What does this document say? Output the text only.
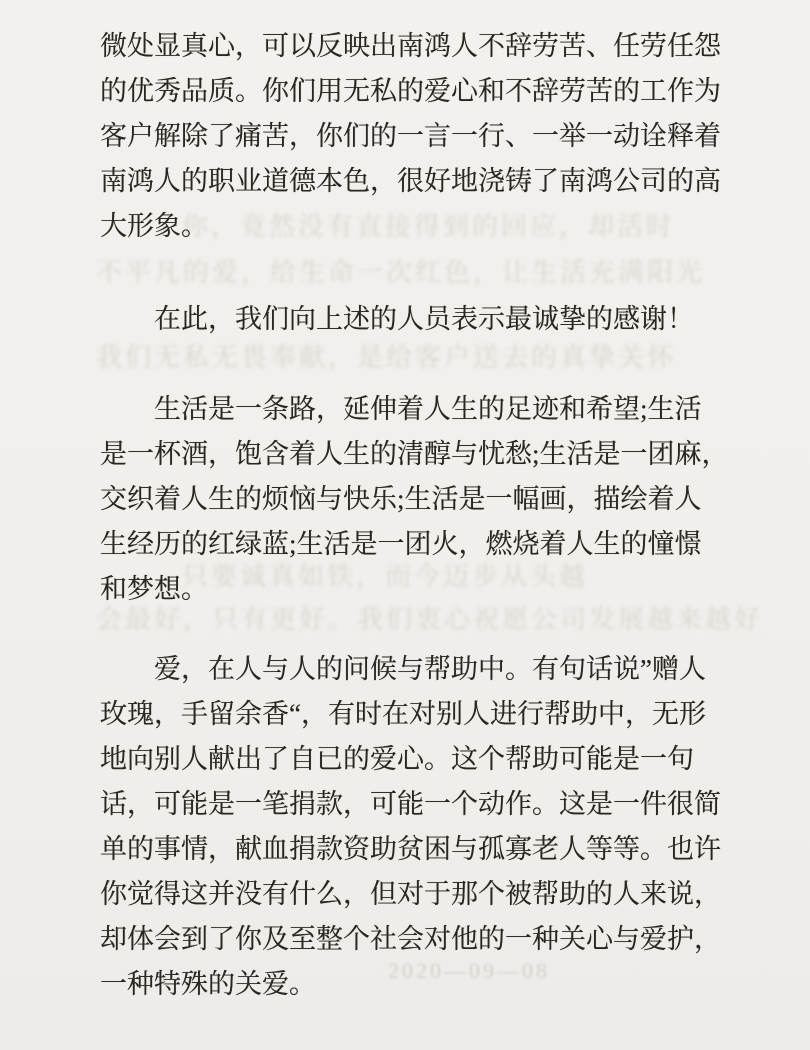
你，竟然没有直接得到的回应，却活时
不平凡的爱，给生命一次红色，让生活充满阳光
我们无私无畏奉献，是给客户送去的真挚关怀
只要诚真如铁，而今迈步从头越
会最好，只有更好。我们衷心祝愿公司发展越来越好
2020—09—08
微处显真心，可以反映出南鸿人不辞劳苦、任劳任怨
的优秀品质。你们用无私的爱心和不辞劳苦的工作为
客户解除了痛苦，你们的一言一行、一举一动诠释着
南鸿人的职业道德本色，很好地浇铸了南鸿公司的高
大形象。
在此，我们向上述的人员表示最诚挚的感谢！
生活是一条路，延伸着人生的足迹和希望;生活
是一杯酒，饱含着人生的清醇与忧愁;生活是一团麻，
交织着人生的烦恼与快乐;生活是一幅画，描绘着人
生经历的红绿蓝;生活是一团火，燃烧着人生的憧憬
和梦想。
爱，在人与人的问候与帮助中。有句话说”赠人
玫瑰，手留余香“，有时在对别人进行帮助中，无形
地向别人献出了自已的爱心。这个帮助可能是一句
话，可能是一笔捐款，可能一个动作。这是一件很简
单的事情，献血捐款资助贫困与孤寡老人等等。也许
你觉得这并没有什么，但对于那个被帮助的人来说，
却体会到了你及至整个社会对他的一种关心与爱护，
一种特殊的关爱。
